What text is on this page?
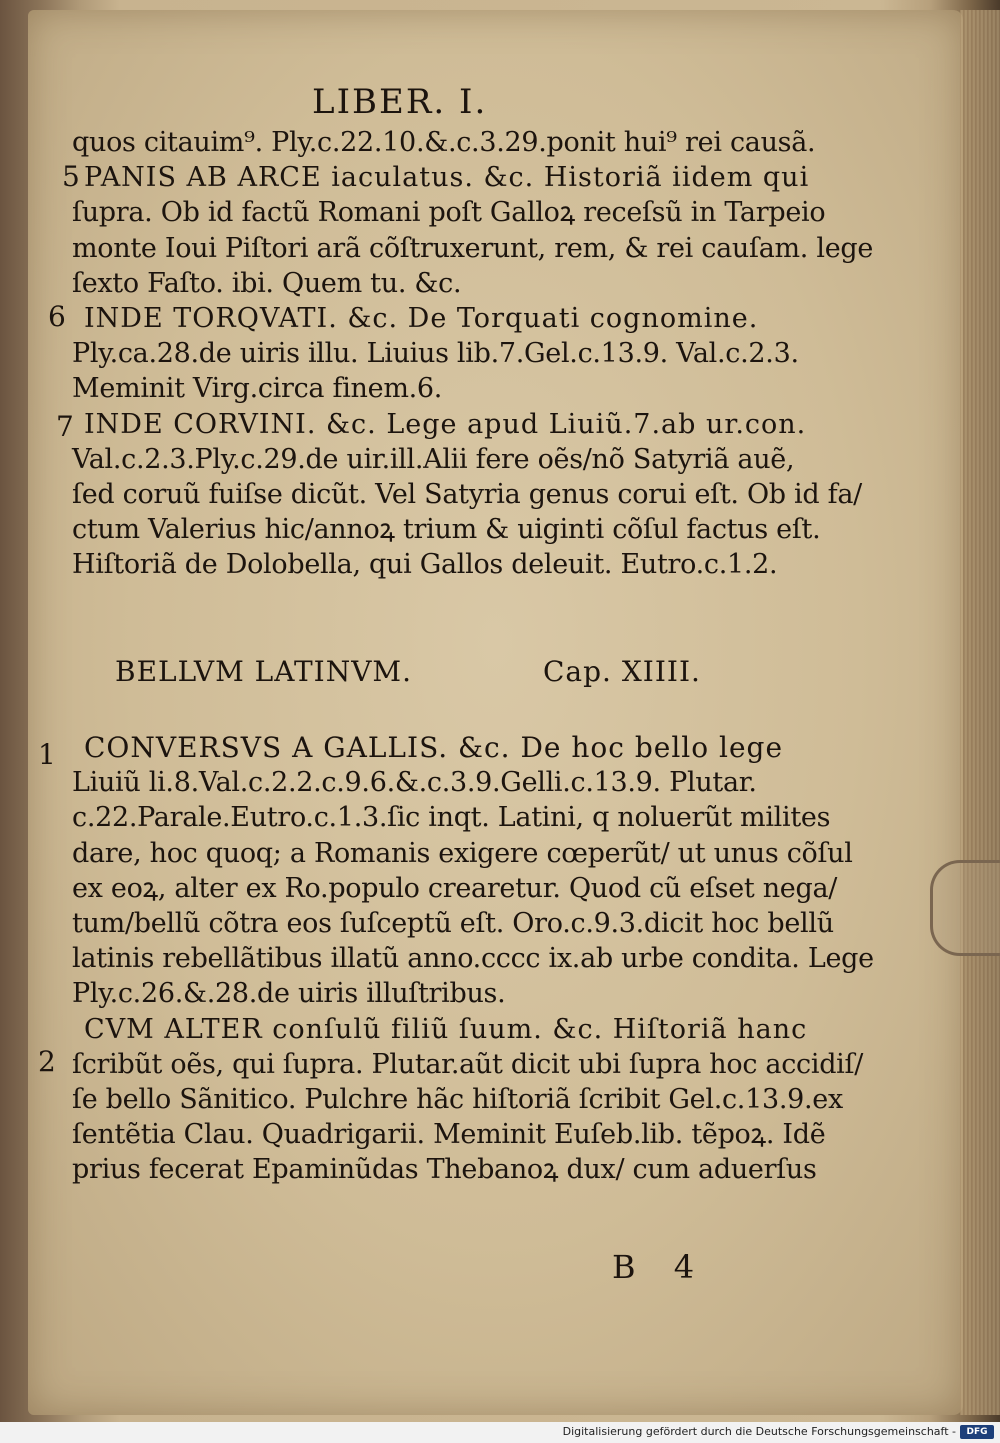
LIBER. I.
5
6
7
1
2
quos citauim⁹. Ply.c.22.10.&.c.3.29.ponit hui⁹ rei causã.
PANIS AB ARCE iaculatus. &c. Historiã iidem qui
ſupra. Ob id factũ Romani poſt Galloꝝ receſsũ in Tarpeio
monte Ioui Piſtori arã cõſtruxerunt, rem, & rei cauſam. lege
ſexto Faſto. ibi. Quem tu. &c.
INDE TORQVATI. &c. De Torquati cognomine.
Ply.ca.28.de uiris illu. Liuius lib.7.Gel.c.13.9. Val.c.2.3.
Meminit Virg.circa finem.6.
INDE CORVINI. &c. Lege apud Liuiũ.7.ab ur.con.
Val.c.2.3.Ply.c.29.de uir.ill.Alii fere oẽs/nõ Satyriã auẽ,
ſed coruũ fuiſse dicũt. Vel Satyria genus corui eſt. Ob id fa/
ctum Valerius hic/annoꝝ trium & uiginti cõſul factus eſt.
Hiſtoriã de Dolobella, qui Gallos deleuit. Eutro.c.1.2.
BELLVM LATINVM.	Cap. XIIII.
CONVERSVS A GALLIS. &c. De hoc bello lege
Liuiũ li.8.Val.c.2.2.c.9.6.&.c.3.9.Gelli.c.13.9. Plutar.
c.22.Parale.Eutro.c.1.3.ſic inqt. Latini, q noluerũt milites
dare, hoc quoq; a Romanis exigere cœperũt/ ut unus cõſul
ex eoꝝ, alter ex Ro.populo crearetur. Quod cũ eſset nega/
tum/bellũ cõtra eos ſuſceptũ eſt. Oro.c.9.3.dicit hoc bellũ
latinis rebellãtibus illatũ anno.cccc ix.ab urbe condita. Lege
Ply.c.26.&.28.de uiris illuſtribus.
CVM ALTER conſulũ filiũ ſuum. &c. Hiſtoriã hanc
ſcribũt oẽs, qui ſupra. Plutar.aũt dicit ubi ſupra hoc accidiſ/
ſe bello Sãnitico. Pulchre hãc hiſtoriã ſcribit Gel.c.13.9.ex
ſentẽtia Clau. Quadrigarii. Meminit Euſeb.lib. tẽpoꝝ. Idẽ
prius fecerat Epaminũdas Thebanoꝝ dux/ cum aduerſus
B 4
Digitalisierung gefördert durch die Deutsche Forschungsgemeinschaft -	DFG
